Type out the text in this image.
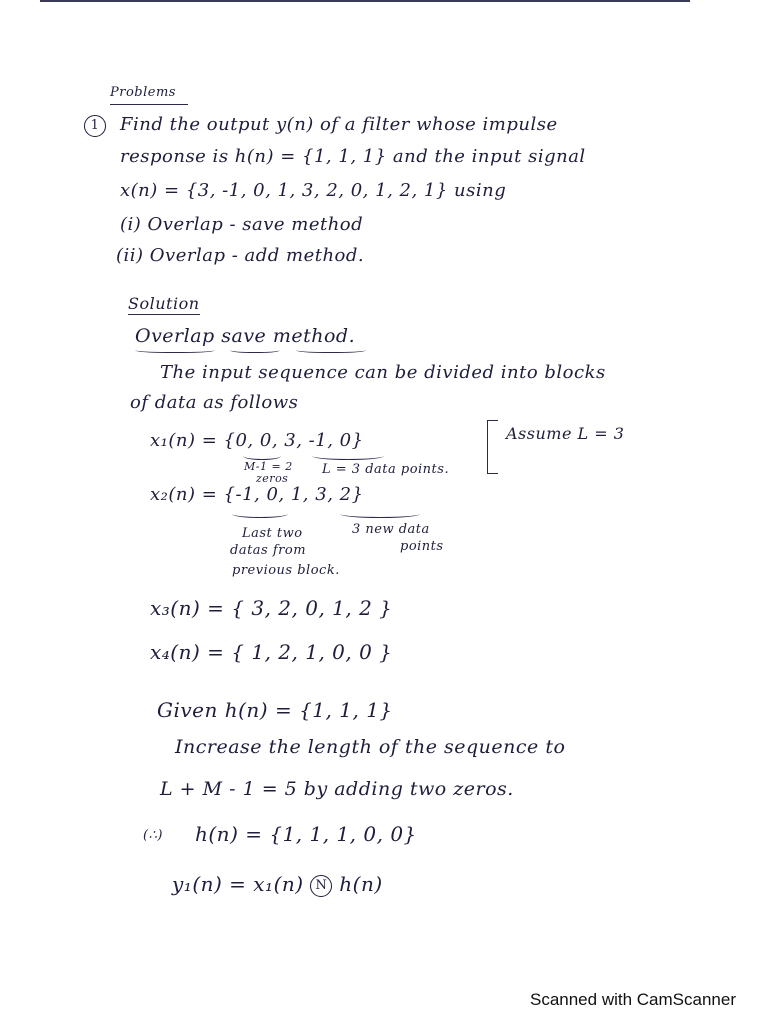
Problems
1	Find the output y(n) of a filter whose impulse
response is h(n) = {1, 1, 1} and the input signal
x(n) = {3, -1, 0, 1, 3, 2, 0, 1, 2, 1} using
(i) Overlap - save method
(ii) Overlap - add method.
Solution
Overlap save method.
The input sequence can be divided into blocks
of data as follows
x₁(n) = {0, 0, 3, -1, 0}
M-1 = 2
zeros
L = 3 data points.
Assume L = 3
x₂(n) = {-1, 0, 1, 3, 2}
Last two
datas from
previous block.
3 new data
points
x₃(n) = { 3, 2, 0, 1, 2 }
x₄(n) = { 1, 2, 1, 0, 0 }
Given h(n) = {1, 1, 1}
Increase the length of the sequence to
L + M - 1 = 5 by adding two zeros.
(∴) h(n) = {1, 1, 1, 0, 0}
y₁(n) = x₁(n) N h(n)
Scanned with CamScanner
